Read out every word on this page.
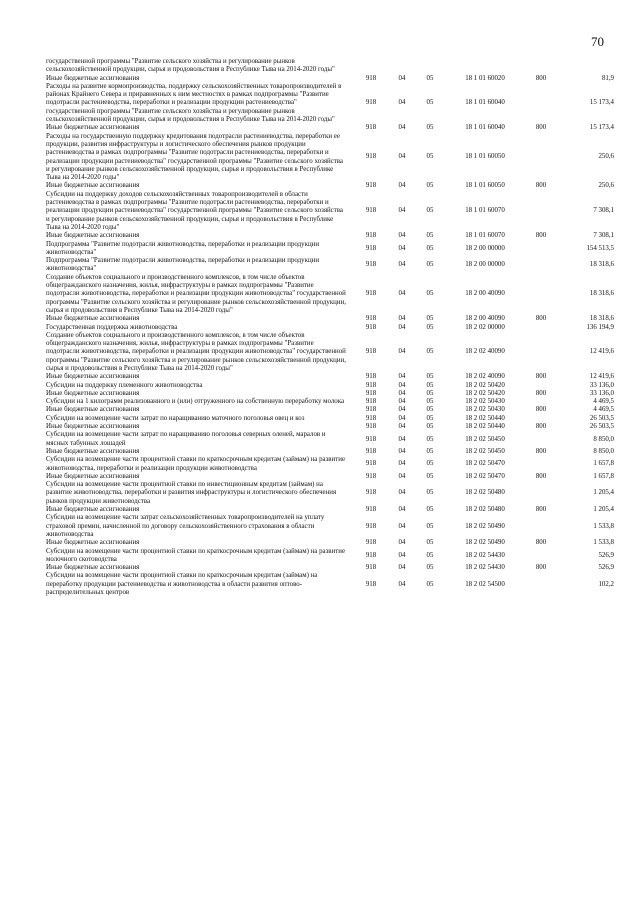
70
государственной программы "Развитие сельского хозяйства и регулирование рынков сельскохозяйственной продукции, сырья и продовольствия в Республике Тыва на 2014-2020 годы"						
Иные бюджетные ассигнования	918	04	05	18 1 01 60020	800	81,9
Расходы на развитие кормопроизводства, поддержку сельскохозяйственных товаропроизводителей в районах Крайнего Севера и приравненных к ним местностях в рамках подпрограммы "Развитие подотрасли растениеводства, переработки и реализации продукции растениеводства" государственной программы "Развитие сельского хозяйства и регулирование рынков сельскохозяйственной продукции, сырья и продовольствия в Республике Тыва на 2014-2020 годы"	918	04	05	18 1 01 60040		15 173,4
Иные бюджетные ассигнования	918	04	05	18 1 01 60040	800	15 173,4
Расходы на государственную поддержку кредитования подотрасли растениеводства, переработки ее продукции, развития инфраструктуры и логистического обеспечения рынков продукции растениеводства в рамках подпрограммы "Развитие подотрасли растениеводства, переработки и реализации продукции растениеводства" государственной программы "Развитие сельского хозяйства и регулирование рынков сельскохозяйственной продукции, сырья и продовольствия в Республике Тыва на 2014-2020 годы"	918	04	05	18 1 01 60050		250,6
Иные бюджетные ассигнования	918	04	05	18 1 01 60050	800	250,6
Субсидии на поддержку доходов сельскохозяйственных товаропроизводителей в области растениеводства в рамках подпрограммы "Развитие подотрасли растениеводства, переработки и реализации продукции растениеводства" государственной программы "Развитие сельского хозяйства и регулирование рынков сельскохозяйственной продукции, сырья и продовольствия в Республике Тыва на 2014-2020 годы"	918	04	05	18 1 01 60070		7 308,1
Иные бюджетные ассигнования	918	04	05	18 1 01 60070	800	7 308,1
Подпрограмма "Развитие подотрасли животноводства, переработки и реализации продукции животноводства"	918	04	05	18 2 00 00000		154 513,5
Подпрограмма "Развитие подотрасли животноводства, переработки и реализации продукции животноводства"	918	04	05	18 2 00 00000		18 318,6
Создание объектов социального и производственного комплексов, в том числе объектов общегражданского назначения, жилья, инфраструктуры в рамках подпрограммы "Развитие подотрасли животноводства, переработки и реализации продукции животноводства" государственной программы "Развитие сельского хозяйства и регулирование рынков сельскохозяйственной продукции, сырья и продовольствия в Республике Тыва на 2014-2020 годы"	918	04	05	18 2 00 40090		18 318,6
Иные бюджетные ассигнования	918	04	05	18 2 00 40090	800	18 318,6
Государственная поддержка животноводства	918	04	05	18 2 02 00000		136 194,9
Создание объектов социального и производственного комплексов, в том числе объектов общегражданского назначения, жилья, инфраструктуры в рамках подпрограммы "Развитие подотрасли животноводства, переработки и реализации продукции животноводства" государственной программы "Развитие сельского хозяйства и регулирование рынков сельскохозяйственной продукции, сырья и продовольствия в Республике Тыва на 2014-2020 годы"	918	04	05	18 2 02 40090		12 419,6
Иные бюджетные ассигнования	918	04	05	18 2 02 40090	800	12 419,6
Субсидии на поддержку племенного животноводства	918	04	05	18 2 02 50420		33 136,0
Иные бюджетные ассигнования	918	04	05	18 2 02 50420	800	33 136,0
Субсидии на 1 килограмм реализованного и (или) отгруженного на собственную переработку молока	918	04	05	18 2 02 50430		4 469,5
Иные бюджетные ассигнования	918	04	05	18 2 02 50430	800	4 469,5
Субсидии на возмещение части затрат по наращиванию маточного поголовья овец и коз	918	04	05	18 2 02 50440		26 503,5
Иные бюджетные ассигнования	918	04	05	18 2 02 50440	800	26 503,5
Субсидии на возмещение части затрат по наращиванию поголовья северных оленей, маралов и мясных табунных лошадей	918	04	05	18 2 02 50450		8 850,0
Иные бюджетные ассигнования	918	04	05	18 2 02 50450	800	8 850,0
Субсидии на возмещение части процентной ставки по краткосрочным кредитам (займам) на развитие животноводства, переработки и реализации продукции животноводства	918	04	05	18 2 02 50470		1 657,8
Иные бюджетные ассигнования	918	04	05	18 2 02 50470	800	1 657,8
Субсидии на возмещение части процентной ставки по инвестиционным кредитам (займам) на развитие животноводства, переработки и развития инфраструктуры и логистического обеспечения рынков продукции животноводства	918	04	05	18 2 02 50480		1 205,4
Иные бюджетные ассигнования	918	04	05	18 2 02 50480	800	1 205,4
Субсидии на возмещение части затрат сельскохозяйственных товаропроизводителей на уплату страховой премии, начисленной по договору сельскохозяйственного страхования в области животноводства	918	04	05	18 2 02 50490		1 533,8
Иные бюджетные ассигнования	918	04	05	18 2 02 50490	800	1 533,8
Субсидии на возмещение части процентной ставки по краткосрочным кредитам (займам) на развитие молочного скотоводства	918	04	05	18 2 02 54430		526,9
Иные бюджетные ассигнования	918	04	05	18 2 02 54430	800	526,9
Субсидии на возмещение части процентной ставки по краткосрочным кредитам (займам) на переработку продукции растениеводства и животноводства в области развития оптово-распределительных центров	918	04	05	18 2 02 54500		102,2
